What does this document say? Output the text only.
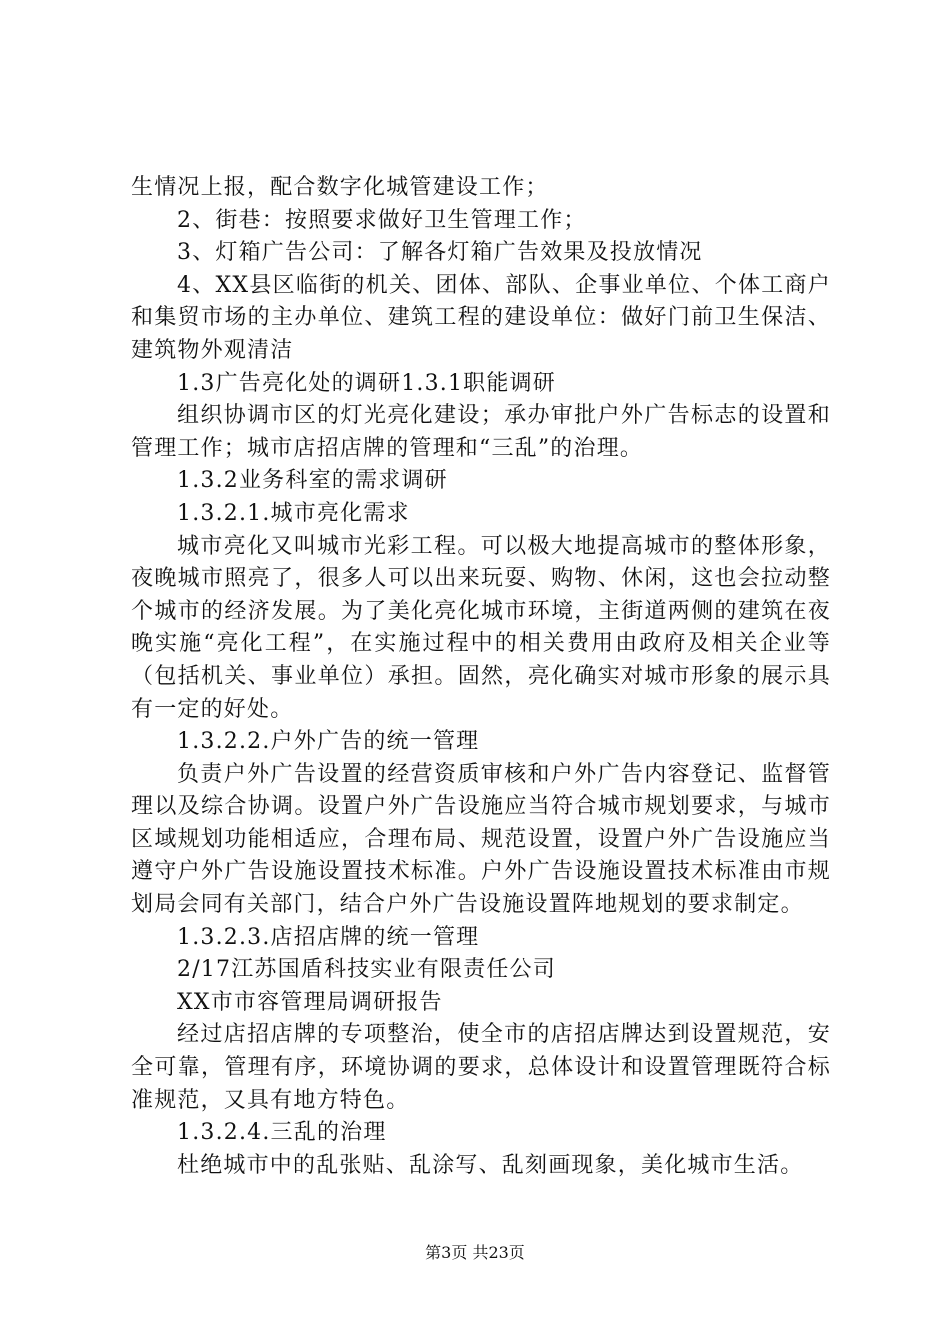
生情况上报，配合数字化城管建设工作；

2、街巷：按照要求做好卫生管理工作；

3、灯箱广告公司：了解各灯箱广告效果及投放情况

4、XX县区临街的机关、团体、部队、企事业单位、个体工商户和集贸市场的主办单位、建筑工程的建设单位：做好门前卫生保洁、建筑物外观清洁

1.3广告亮化处的调研1.3.1职能调研

组织协调市区的灯光亮化建设；承办审批户外广告标志的设置和管理工作；城市店招店牌的管理和“三乱”的治理。

1.3.2业务科室的需求调研

1.3.2.1.城市亮化需求

城市亮化又叫城市光彩工程。可以极大地提高城市的整体形象，夜晚城市照亮了，很多人可以出来玩耍、购物、休闲，这也会拉动整个城市的经济发展。为了美化亮化城市环境，主街道两侧的建筑在夜晚实施“亮化工程”，在实施过程中的相关费用由政府及相关企业等（包括机关、事业单位）承担。固然，亮化确实对城市形象的展示具有一定的好处。

1.3.2.2.户外广告的统一管理

负责户外广告设置的经营资质审核和户外广告内容登记、监督管理以及综合协调。设置户外广告设施应当符合城市规划要求，与城市区域规划功能相适应，合理布局、规范设置，设置户外广告设施应当遵守户外广告设施设置技术标准。户外广告设施设置技术标准由市规划局会同有关部门，结合户外广告设施设置阵地规划的要求制定。

1.3.2.3.店招店牌的统一管理

2/17江苏国盾科技实业有限责任公司

XX市市容管理局调研报告

经过店招店牌的专项整治，使全市的店招店牌达到设置规范，安全可靠，管理有序，环境协调的要求，总体设计和设置管理既符合标准规范，又具有地方特色。

1.3.2.4.三乱的治理

杜绝城市中的乱张贴、乱涂写、乱刻画现象，美化城市生活。

第3页 共23页
